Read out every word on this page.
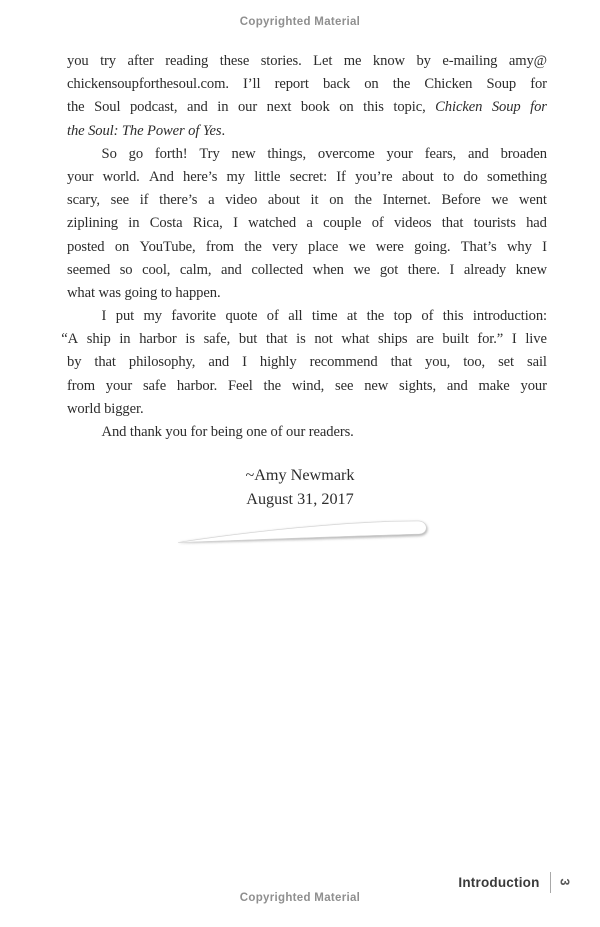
Copyrighted Material
you try after reading these stories. Let me know by e-mailing amy@
chickensoupforthesoul.com. I’ll report back on the Chicken Soup for
the Soul podcast, and in our next book on this topic, Chicken Soup for
the Soul: The Power of Yes.
So go forth! Try new things, overcome your fears, and broaden
your world. And here’s my little secret: If you’re about to do something
scary, see if there’s a video about it on the Internet. Before we went
ziplining in Costa Rica, I watched a couple of videos that tourists had
posted on YouTube, from the very place we were going. That’s why I
seemed so cool, calm, and collected when we got there. I already knew
what was going to happen.
I put my favorite quote of all time at the top of this introduction:
“A ship in harbor is safe, but that is not what ships are built for.” I live
by that philosophy, and I highly recommend that you, too, set sail
from your safe harbor. Feel the wind, see new sights, and make your
world bigger.
And thank you for being one of our readers.
~Amy Newmark
August 31, 2017
Introduction 3
Copyrighted Material
